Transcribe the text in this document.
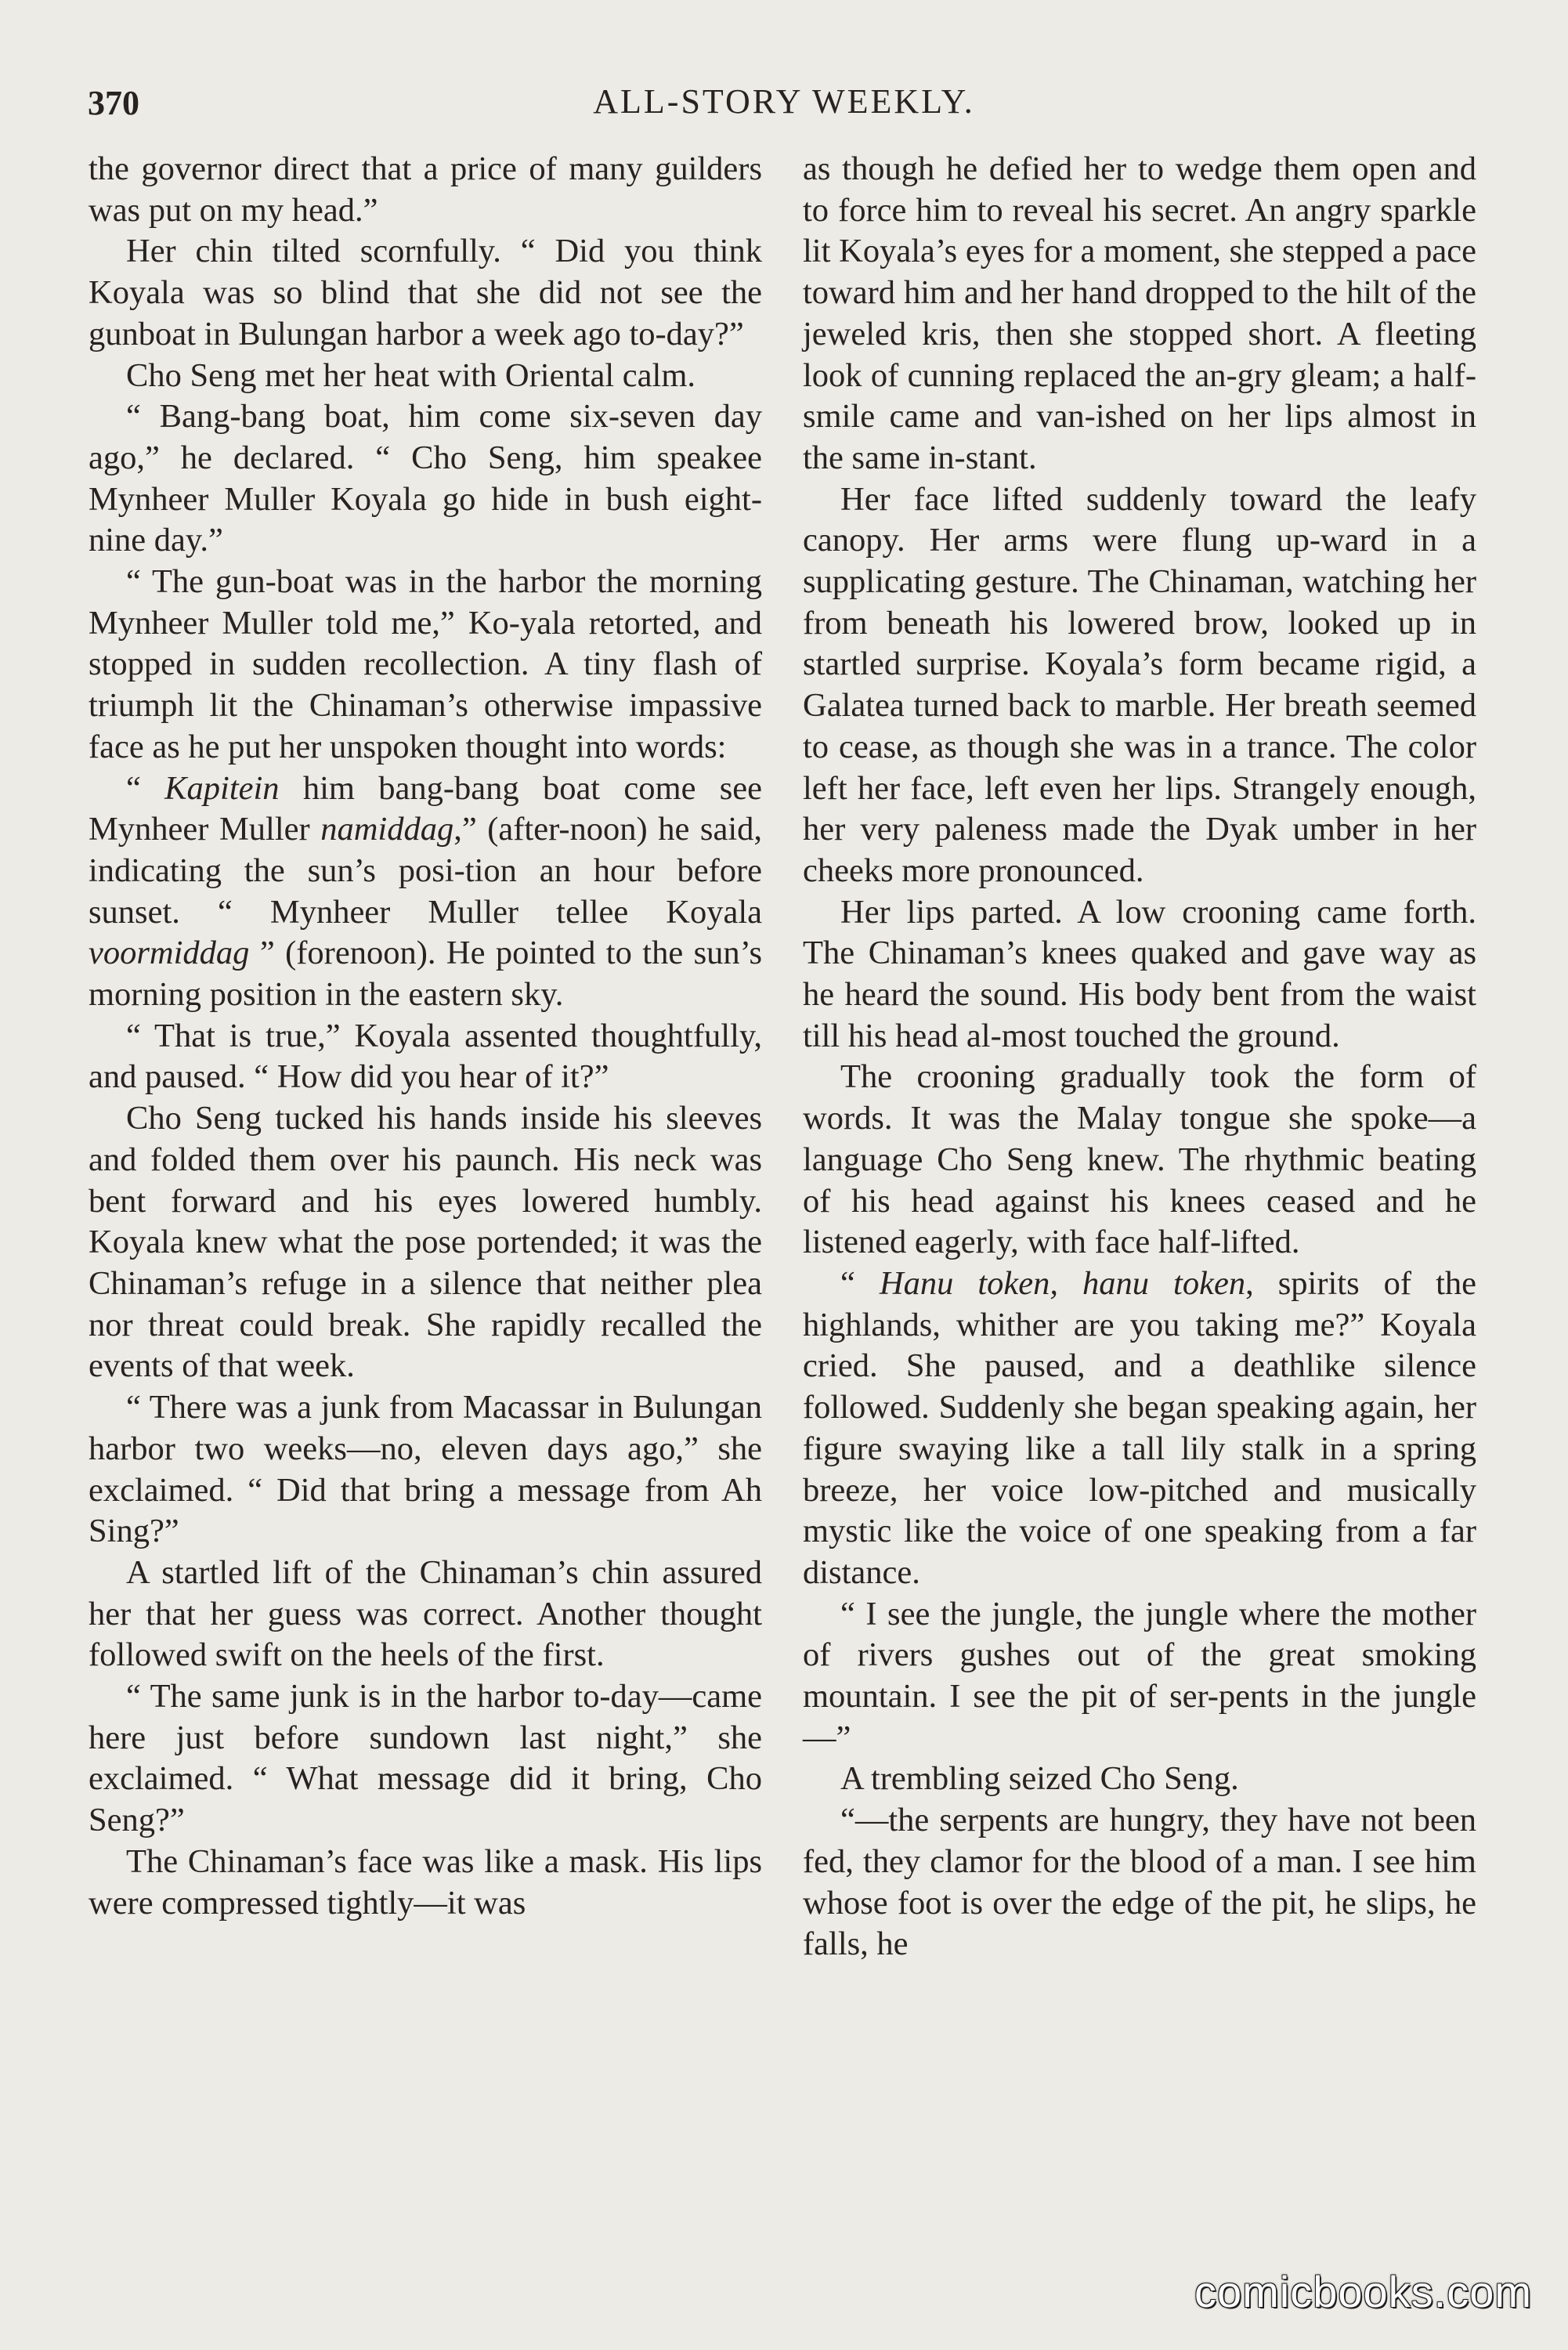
370	ALL-STORY WEEKLY.

the governor direct that a price of many guilders was put on my head.”

Her chin tilted scornfully. “ Did you think Koyala was so blind that she did not see the gunboat in Bulungan harbor a week ago to-day?”

Cho Seng met her heat with Oriental calm.

“ Bang-bang boat, him come six-seven day ago,” he declared. “ Cho Seng, him speakee Mynheer Muller Koyala go hide in bush eight-nine day.”

“ The gun-boat was in the harbor the morning Mynheer Muller told me,” Ko-yala retorted, and stopped in sudden recollection. A tiny flash of triumph lit the Chinaman’s otherwise impassive face as he put her unspoken thought into words:

“ Kapitein him bang-bang boat come see Mynheer Muller namiddag,” (after-noon) he said, indicating the sun’s posi-tion an hour before sunset. “ Mynheer Muller tellee Koyala voormiddag ” (forenoon). He pointed to the sun’s morning position in the eastern sky.

“ That is true,” Koyala assented thoughtfully, and paused. “ How did you hear of it?”

Cho Seng tucked his hands inside his sleeves and folded them over his paunch. His neck was bent forward and his eyes lowered humbly. Koyala knew what the pose portended; it was the Chinaman’s refuge in a silence that neither plea nor threat could break. She rapidly recalled the events of that week.

“ There was a junk from Macassar in Bulungan harbor two weeks—no, eleven days ago,” she exclaimed. “ Did that bring a message from Ah Sing?”

A startled lift of the Chinaman’s chin assured her that her guess was correct. Another thought followed swift on the heels of the first.

“ The same junk is in the harbor to-day—came here just before sundown last night,” she exclaimed. “ What message did it bring, Cho Seng?”

The Chinaman’s face was like a mask. His lips were compressed tightly—it was

as though he defied her to wedge them open and to force him to reveal his secret. An angry sparkle lit Koyala’s eyes for a moment, she stepped a pace toward him and her hand dropped to the hilt of the jeweled kris, then she stopped short. A fleeting look of cunning replaced the an-gry gleam; a half-smile came and van-ished on her lips almost in the same in-stant.

Her face lifted suddenly toward the leafy canopy. Her arms were flung up-ward in a supplicating gesture. The Chinaman, watching her from beneath his lowered brow, looked up in startled surprise. Koyala’s form became rigid, a Galatea turned back to marble. Her breath seemed to cease, as though she was in a trance. The color left her face, left even her lips. Strangely enough, her very paleness made the Dyak umber in her cheeks more pronounced.

Her lips parted. A low crooning came forth. The Chinaman’s knees quaked and gave way as he heard the sound. His body bent from the waist till his head al-most touched the ground.

The crooning gradually took the form of words. It was the Malay tongue she spoke—a language Cho Seng knew. The rhythmic beating of his head against his knees ceased and he listened eagerly, with face half-lifted.

“ Hanu token, hanu token, spirits of the highlands, whither are you taking me?” Koyala cried. She paused, and a deathlike silence followed. Suddenly she began speaking again, her figure swaying like a tall lily stalk in a spring breeze, her voice low-pitched and musically mystic like the voice of one speaking from a far distance.

“ I see the jungle, the jungle where the mother of rivers gushes out of the great smoking mountain. I see the pit of ser-pents in the jungle—”

A trembling seized Cho Seng.

“—the serpents are hungry, they have not been fed, they clamor for the blood of a man. I see him whose foot is over the edge of the pit, he slips, he falls, he

comicbooks.com
